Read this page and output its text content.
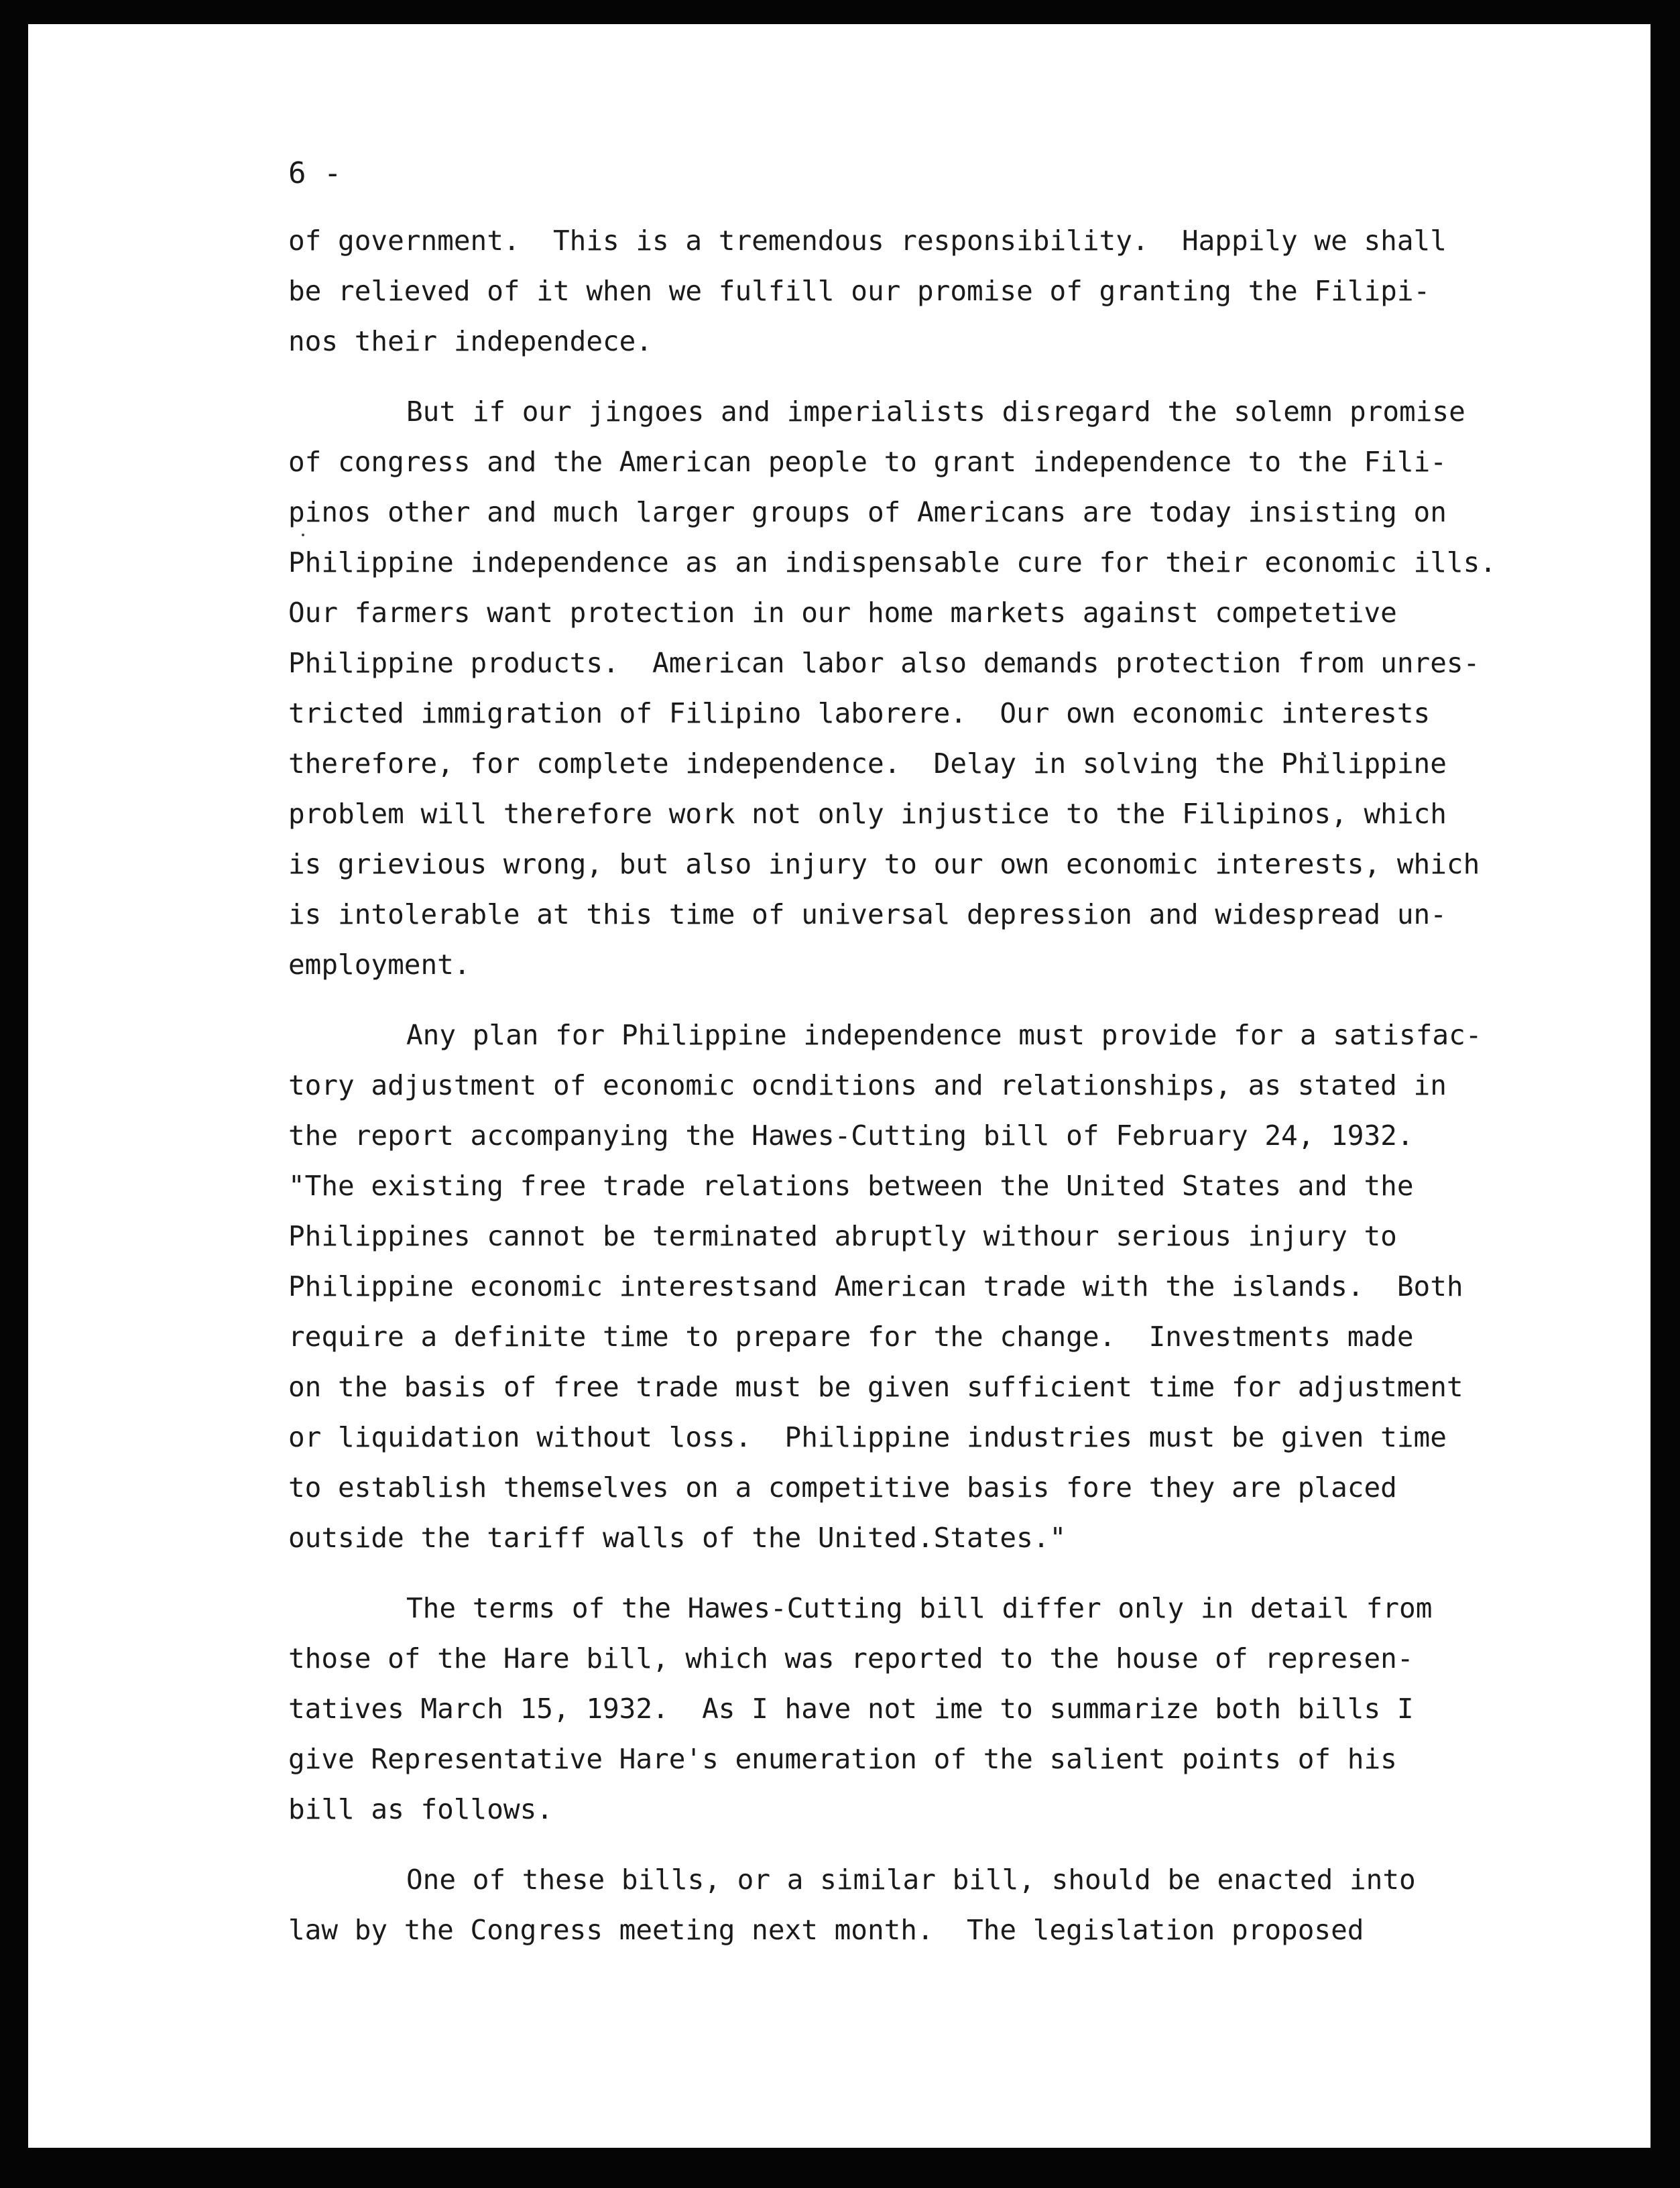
6 -
of government.  This is a tremendous responsibility.  Happily we shall
be relieved of it when we fulfill our promise of granting the Filipi-
nos their independece.
But if our jingoes and imperialists disregard the solemn promise
of congress and the American people to grant independence to the Fili-
pinos other and much larger groups of Americans are today insisting on
Philippine independence as an indispensable cure for their economic ills.
Our farmers want protection in our home markets against competetive
Philippine products.  American labor also demands protection from unres-
tricted immigration of Filipino laborere.  Our own economic interests
therefore, for complete independence.  Delay in solving the Philippine
problem will therefore work not only injustice to the Filipinos, which
is grievious wrong, but also injury to our own economic interests, which
is intolerable at this time of universal depression and widespread un-
employment.
Any plan for Philippine independence must provide for a satisfac-
tory adjustment of economic ocnditions and relationships, as stated in
the report accompanying the Hawes-Cutting bill of February 24, 1932.
"The existing free trade relations between the United States and the
Philippines cannot be terminated abruptly withour serious injury to
Philippine economic interestsand American trade with the islands.  Both
require a definite time to prepare for the change.  Investments made
on the basis of free trade must be given sufficient time for adjustment
or liquidation without loss.  Philippine industries must be given time
to establish themselves on a competitive basis fore they are placed
outside the tariff walls of the United.States."
The terms of the Hawes-Cutting bill differ only in detail from
those of the Hare bill, which was reported to the house of represen-
tatives March 15, 1932.  As I have not ime to summarize both bills I
give Representative Hare's enumeration of the salient points of his
bill as follows.
One of these bills, or a similar bill, should be enacted into
law by the Congress meeting next month.  The legislation proposed
